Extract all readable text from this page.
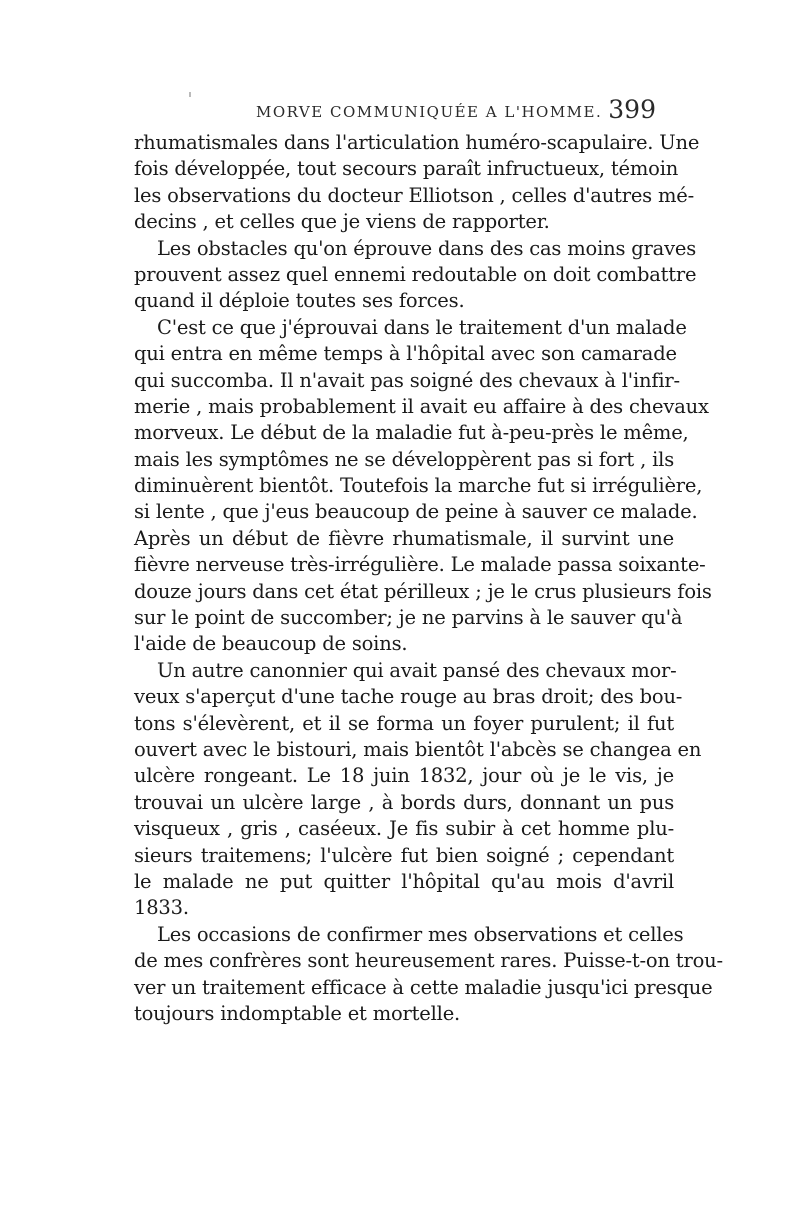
MORVE COMMUNIQUÉE A L'HOMME. 399
rhumatismales dans l'articulation huméro-scapulaire. Une
fois développée, tout secours paraît infructueux, témoin
les observations du docteur Elliotson , celles d'autres mé-
decins , et celles que je viens de rapporter.
Les obstacles qu'on éprouve dans des cas moins graves
prouvent assez quel ennemi redoutable on doit combattre
quand il déploie toutes ses forces.
C'est ce que j'éprouvai dans le traitement d'un malade
qui entra en même temps à l'hôpital avec son camarade
qui succomba. Il n'avait pas soigné des chevaux à l'infir-
merie , mais probablement il avait eu affaire à des chevaux
morveux. Le début de la maladie fut à-peu-près le même,
mais les symptômes ne se développèrent pas si fort , ils
diminuèrent bientôt. Toutefois la marche fut si irrégulière,
si lente , que j'eus beaucoup de peine à sauver ce malade.
Après un début de fièvre rhumatismale, il survint une
fièvre nerveuse très-irrégulière. Le malade passa soixante-
douze jours dans cet état périlleux ; je le crus plusieurs fois
sur le point de succomber; je ne parvins à le sauver qu'à
l'aide de beaucoup de soins.
Un autre canonnier qui avait pansé des chevaux mor-
veux s'aperçut d'une tache rouge au bras droit; des bou-
tons s'élevèrent, et il se forma un foyer purulent; il fut
ouvert avec le bistouri, mais bientôt l'abcès se changea en
ulcère rongeant. Le 18 juin 1832, jour où je le vis, je
trouvai un ulcère large , à bords durs, donnant un pus
visqueux , gris , caséeux. Je fis subir à cet homme plu-
sieurs traitemens; l'ulcère fut bien soigné ; cependant
le malade ne put quitter l'hôpital qu'au mois d'avril
1833.
Les occasions de confirmer mes observations et celles
de mes confrères sont heureusement rares. Puisse-t-on trou-
ver un traitement efficace à cette maladie jusqu'ici presque
toujours indomptable et mortelle.
